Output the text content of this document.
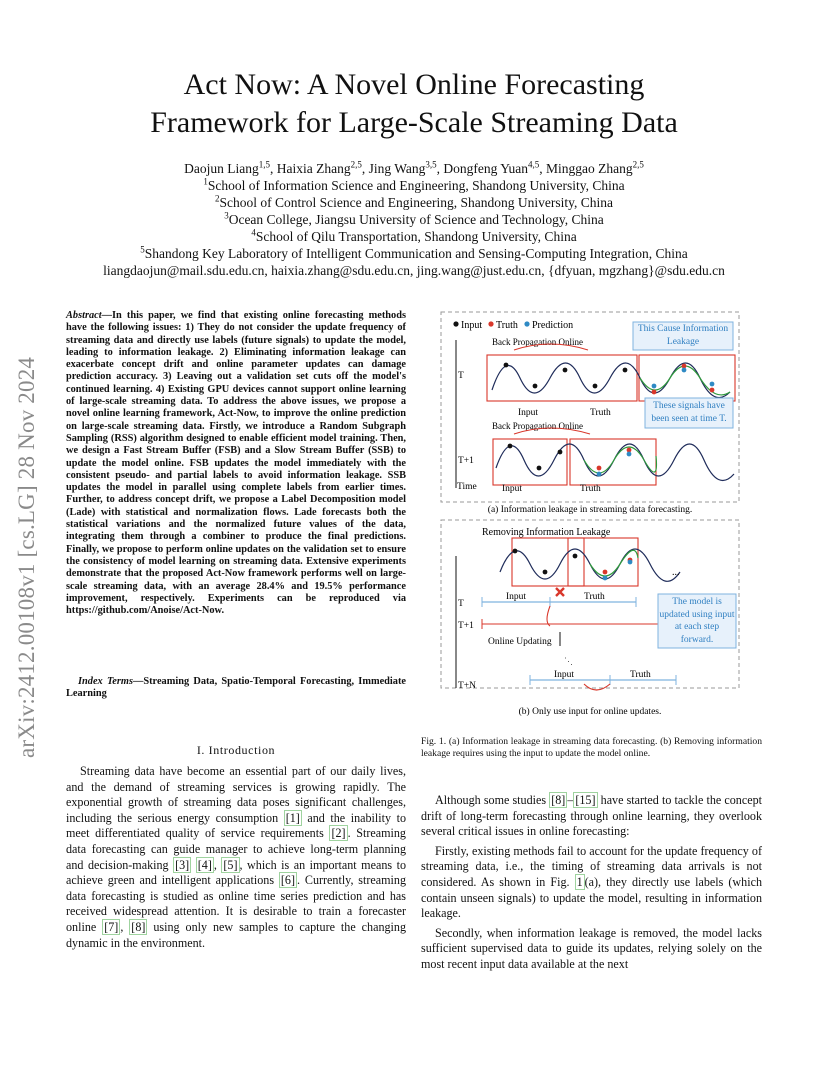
arXiv:2412.00108v1 [cs.LG] 28 Nov 2024
Act Now: A Novel Online Forecasting
Framework for Large-Scale Streaming Data
Daojun Liang$^{1,5}$, Haixia Zhang$^{2,5}$, Jing Wang$^{3,5}$, Dongfeng Yuan$^{4,5}$, Minggao Zhang$^{2,5}$
$^1$School of Information Science and Engineering, Shandong University, China
$^2$School of Control Science and Engineering, Shandong University, China
$^3$Ocean College, Jiangsu University of Science and Technology, China
$^4$School of Qilu Transportation, Shandong University, China
$^5$Shandong Key Laboratory of Intelligent Communication and Sensing-Computing Integration, China
liangdaojun@mail.sdu.edu.cn, haixia.zhang@sdu.edu.cn, jing.wang@just.edu.cn, {dfyuan, mgzhang}@sdu.edu.cn
Abstract—In this paper, we find that existing online forecasting methods have the following issues: 1) They do not consider the update frequency of streaming data and directly use labels (future signals) to update the model, leading to information leakage. 2) Eliminating information leakage can exacerbate concept drift and online parameter updates can damage prediction accuracy. 3) Leaving out a validation set cuts off the model's continued learning. 4) Existing GPU devices cannot support online learning of large-scale streaming data. To address the above issues, we propose a novel online learning framework, Act-Now, to improve the online prediction on large-scale streaming data. Firstly, we introduce a Random Subgraph Sampling (RSS) algorithm designed to enable efficient model training. Then, we design a Fast Stream Buffer (FSB) and a Slow Stream Buffer (SSB) to update the model online. FSB updates the model immediately with the consistent pseudo- and partial labels to avoid information leakage. SSB updates the model in parallel using complete labels from earlier times. Further, to address concept drift, we propose a Label Decomposition model (Lade) with statistical and normalization flows. Lade forecasts both the statistical variations and the normalized future values of the data, integrating them through a combiner to produce the final predictions. Finally, we propose to perform online updates on the validation set to ensure the consistency of model learning on streaming data. Extensive experiments demonstrate that the proposed Act-Now framework performs well on large-scale streaming data, with an average 28.4% and 19.5% performance improvement, respectively. Experiments can be reproduced via https://github.com/Anoise/Act-Now.
Index Terms—Streaming Data, Spatio-Temporal Forecasting, Immediate Learning
I. Introduction
Streaming data have become an essential part of our daily lives, and the demand of streaming services is growing rapidly. The exponential growth of streaming data poses significant challenges, including the serious energy consumption [1] and the inability to meet differentiated quality of service requirements [2] . Streaming data forecasting can guide manager to achieve long-term planning and decision-making [3] [4] , [5] , which is an important means to achieve green and intelligent applications [6] . Currently, streaming data forecasting is studied as online time series prediction and has received widespread attention. It is desirable to train a forecaster online [7] , [8] using only new samples to capture the changing dynamic in the environment.

Although some studies [8] – [15] have started to tackle the concept drift of long-term forecasting through online learning, they overlook several critical issues in online forecasting:

Firstly, existing methods fail to account for the update frequency of streaming data, i.e., the timing of streaming data arrivals is not considered. As shown in Fig. 1 (a), they directly use labels (which contain unseen signals) to update the model, resulting in information leakage.

Secondly, when information leakage is removed, the model lacks sufficient supervised data to guide its updates, relying solely on the most recent input data available at the next

Input Truth Prediction
Back Propagation Online
This Cause Information Leakage
T
T+1
Time
Input	Truth
These signals have been seen at time T.
Back Propagation Online
Input	Truth
(a) Information leakage in streaming data forecasting.
Removing Information Leakage
...
T
T+1
T+N
Input	Truth
Online Updating
⋱
The model is updated using input at each step forward.
Input	Truth
(b) Only use input for online updates.
Fig. 1. (a) Information leakage in streaming data forecasting. (b) Removing information leakage requires using the input to update the model online.
